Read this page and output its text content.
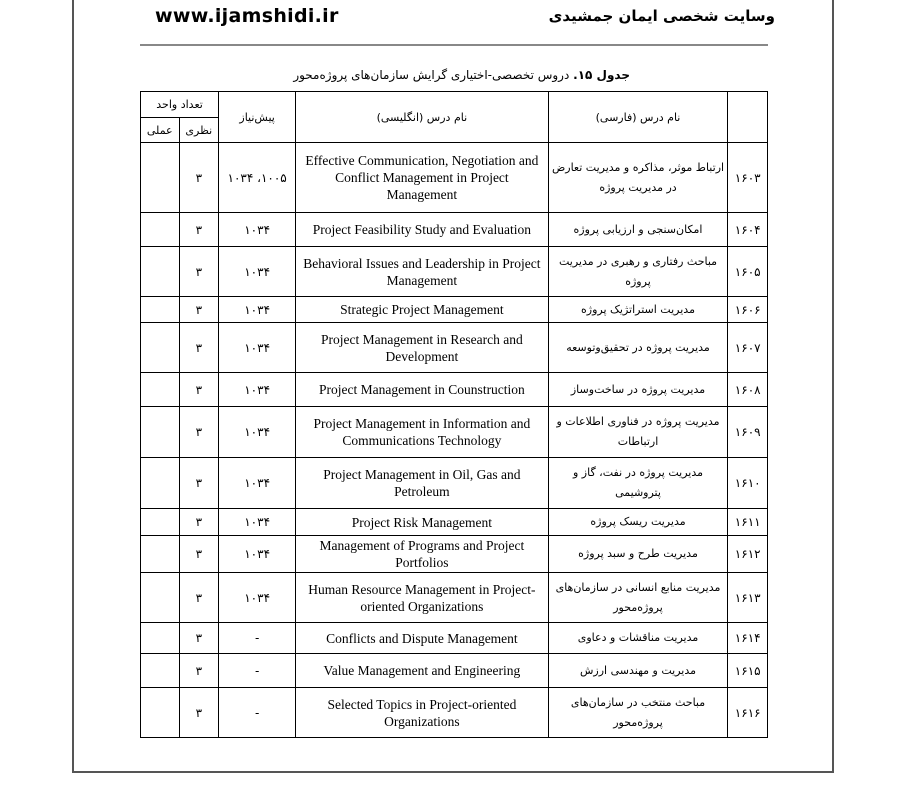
www.ijamshidi.ir	وسایت شخصی ایمان جمشیدی
جدول ۱۵. دروس تخصصی-اختیاری گرایش سازمان‌های پروژه‌محور
تعداد واحد		پیش‌نیاز	نام درس (انگلیسی)	نام درس (فارسی)	
عملی	نظری				
	۳	۱۰۰۵، ۱۰۳۴	Effective Communication, Negotiation and Conflict Management in Project Management	ارتباط موثر، مذاکره و مدیریت تعارض در مدیریت پروژه	۱۶۰۳
	۳	۱۰۳۴	Project Feasibility Study and Evaluation	امکان‌سنجی و ارزیابی پروژه	۱۶۰۴
	۳	۱۰۳۴	Behavioral Issues and Leadership in Project Management	مباحث رفتاری و رهبری در مدیریت پروژه	۱۶۰۵
	۳	۱۰۳۴	Strategic Project Management	مدیریت استراتژیک پروژه	۱۶۰۶
	۳	۱۰۳۴	Project Management in Research and Development	مدیریت پروژه در تحقیق‌وتوسعه	۱۶۰۷
	۳	۱۰۳۴	Project Management in Counstruction	مدیریت پروژه در ساخت‌وساز	۱۶۰۸
	۳	۱۰۳۴	Project Management in Information and Communications Technology	مدیریت پروژه در فناوری اطلاعات و ارتباطات	۱۶۰۹
	۳	۱۰۳۴	Project Management in Oil, Gas and Petroleum	مدیریت پروژه در نفت، گاز و پتروشیمی	۱۶۱۰
	۳	۱۰۳۴	Project Risk Management	مدیریت ریسک پروژه	۱۶۱۱
	۳	۱۰۳۴	Management of Programs and Project Portfolios	مدیریت طرح و سبد پروژه	۱۶۱۲
	۳	۱۰۳۴	Human Resource Management in Project-oriented Organizations	مدیریت منابع انسانی در سازمان‌های پروژه‌محور	۱۶۱۳
	۳	-	Conflicts and Dispute Management	مدیریت مناقشات و دعاوی	۱۶۱۴
	۳	-	Value Management and Engineering	مدیریت و مهندسی ارزش	۱۶۱۵
	۳	-	Selected Topics in Project-oriented Organizations	مباحث منتخب در سازمان‌های پروژه‌محور	۱۶۱۶
